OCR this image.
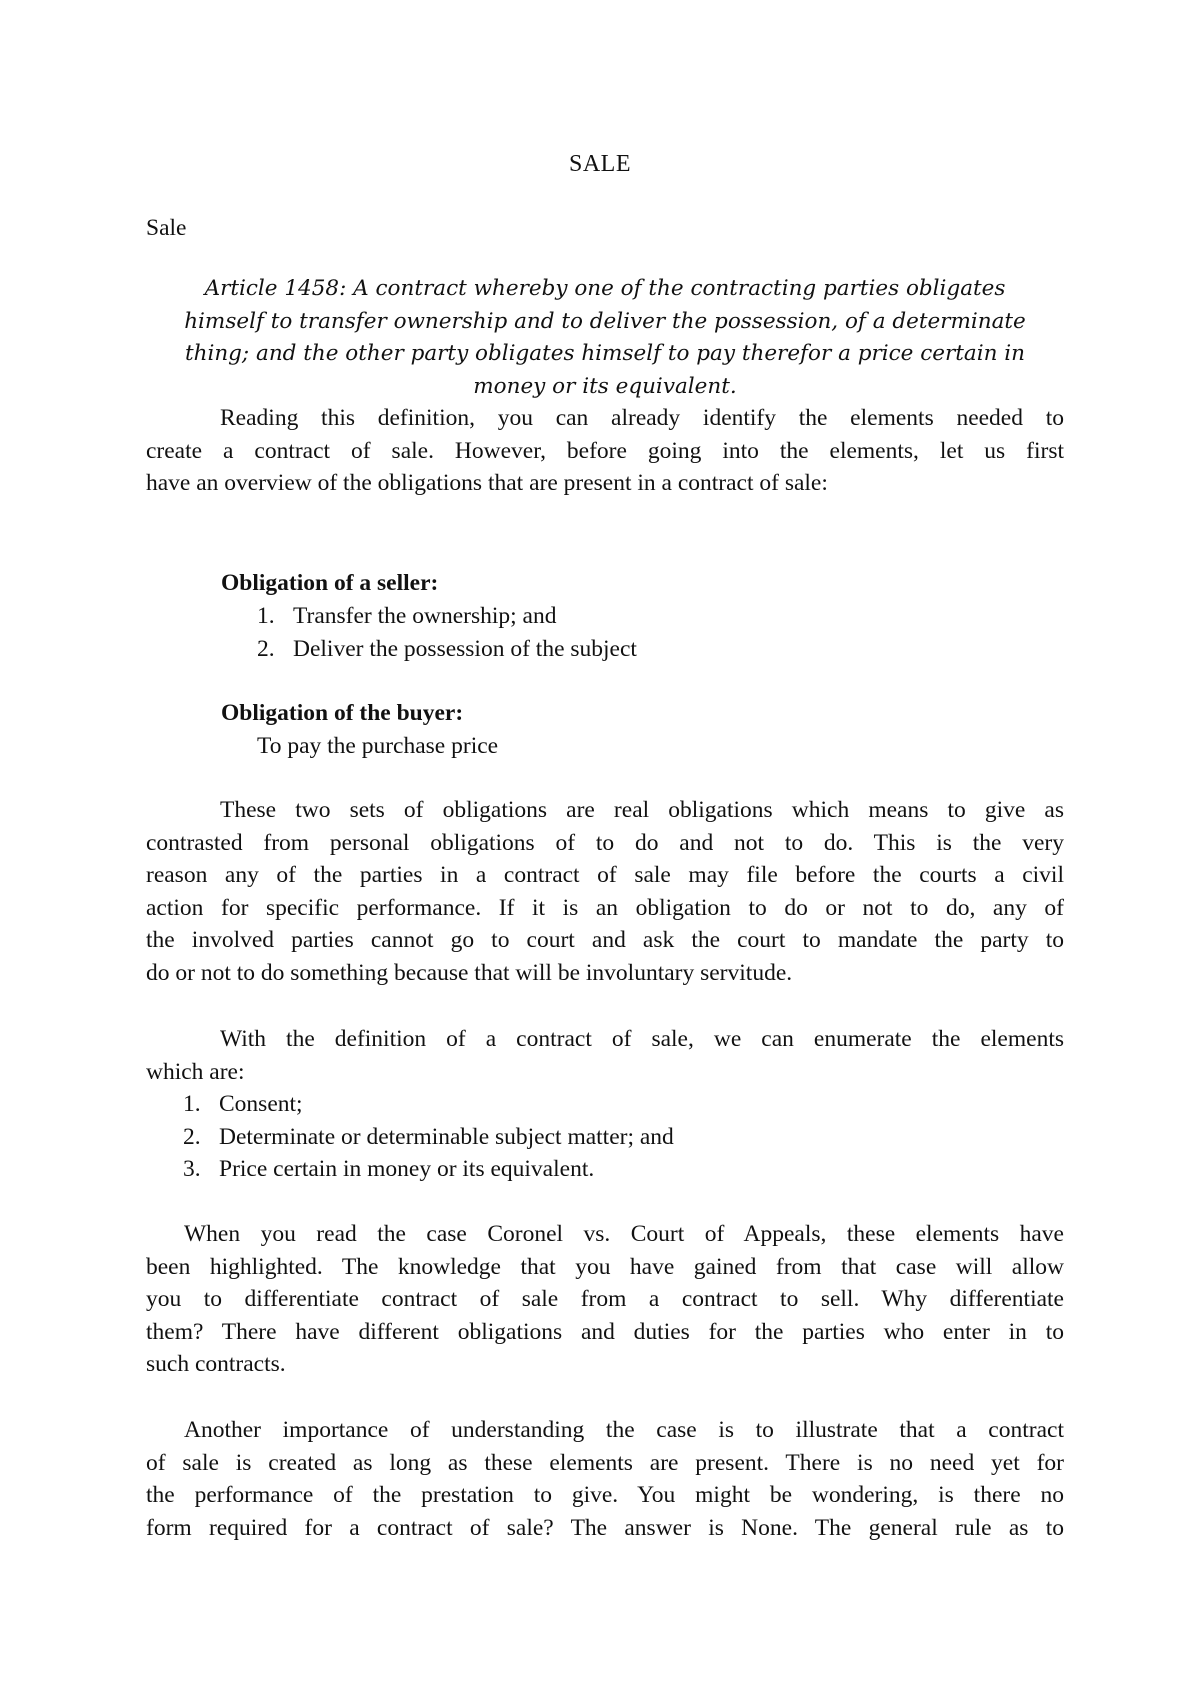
SALE
Sale
Article 1458: A contract whereby one of the contracting parties obligates
himself to transfer ownership and to deliver the possession, of a determinate
thing; and the other party obligates himself to pay therefor a price certain in
money or its equivalent.
Reading this definition, you can already identify the elements needed to
create a contract of sale. However, before going into the elements, let us first
have an overview of the obligations that are present in a contract of sale:
Obligation of a seller:
1. Transfer the ownership; and
2. Deliver the possession of the subject
Obligation of the buyer:
To pay the purchase price
These two sets of obligations are real obligations which means to give as
contrasted from personal obligations of to do and not to do. This is the very
reason any of the parties in a contract of sale may file before the courts a civil
action for specific performance. If it is an obligation to do or not to do, any of
the involved parties cannot go to court and ask the court to mandate the party to
do or not to do something because that will be involuntary servitude.
With the definition of a contract of sale, we can enumerate the elements
which are:
1. Consent;
2. Determinate or determinable subject matter; and
3. Price certain in money or its equivalent.
When you read the case Coronel vs. Court of Appeals, these elements have
been highlighted. The knowledge that you have gained from that case will allow
you to differentiate contract of sale from a contract to sell. Why differentiate
them? There have different obligations and duties for the parties who enter in to
such contracts.
Another importance of understanding the case is to illustrate that a contract
of sale is created as long as these elements are present. There is no need yet for
the performance of the prestation to give. You might be wondering, is there no
form required for a contract of sale? The answer is None. The general rule as to
